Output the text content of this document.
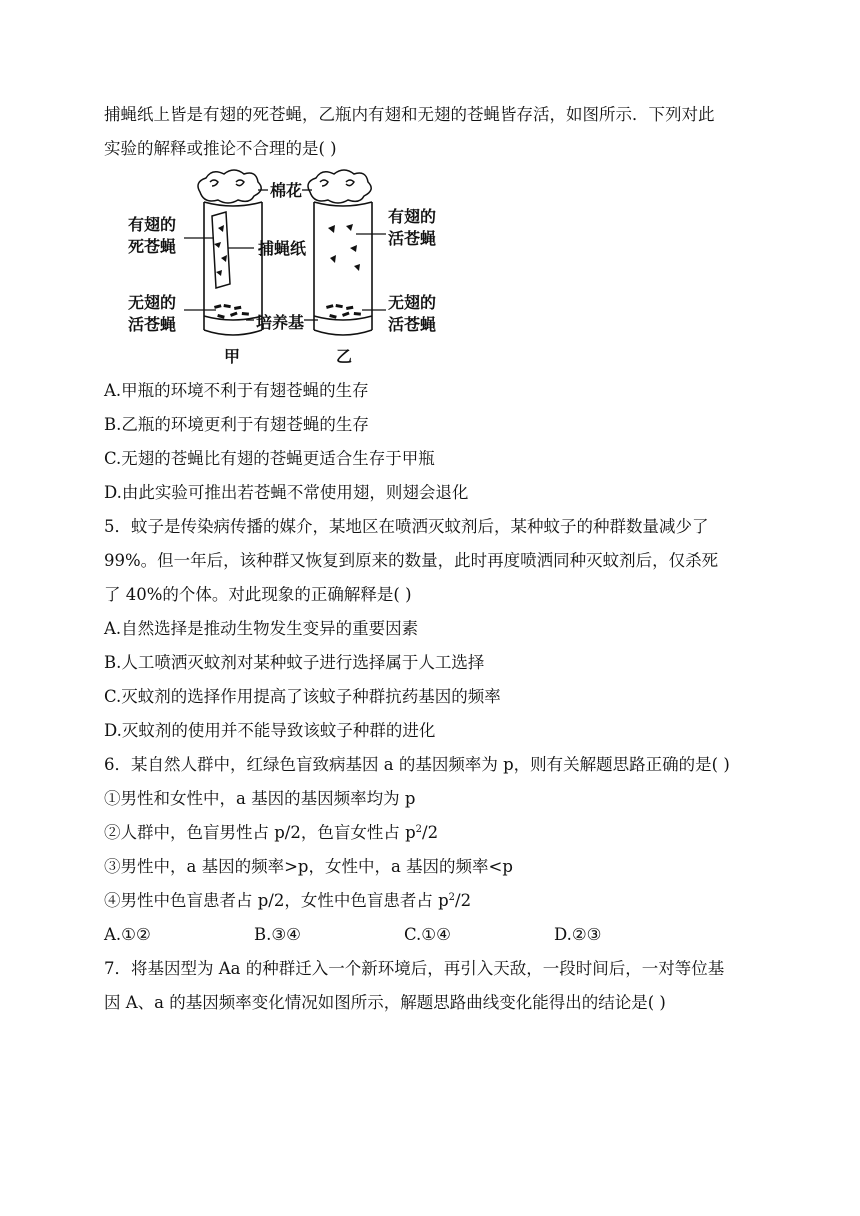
捕蝇纸上皆是有翅的死苍蝇，乙瓶内有翅和无翅的苍蝇皆存活，如图所示．下列对此
实验的解释或推论不合理的是( )
棉花
有翅的
死苍蝇	捕蝇纸
无翅的
活苍蝇	培养基
有翅的
活苍蝇
无翅的
活苍蝇
甲	乙
A.甲瓶的环境不利于有翅苍蝇的生存
B.乙瓶的环境更利于有翅苍蝇的生存
C.无翅的苍蝇比有翅的苍蝇更适合生存于甲瓶
D.由此实验可推出若苍蝇不常使用翅，则翅会退化
5．蚊子是传染病传播的媒介，某地区在喷洒灭蚊剂后，某种蚊子的种群数量减少了
99%。但一年后，该种群又恢复到原来的数量，此时再度喷洒同种灭蚊剂后，仅杀死
了 40%的个体。对此现象的正确解释是( )
A.自然选择是推动生物发生变异的重要因素
B.人工喷洒灭蚊剂对某种蚊子进行选择属于人工选择
C.灭蚊剂的选择作用提高了该蚊子种群抗药基因的频率
D.灭蚊剂的使用并不能导致该蚊子种群的进化
6．某自然人群中，红绿色盲致病基因 a 的基因频率为 p，则有关解题思路正确的是( )
①男性和女性中，a 基因的基因频率均为 p
②人群中，色盲男性占 p/2，色盲女性占 $p^2/2$
③男性中，a 基因的频率>p，女性中，a 基因的频率<p
④男性中色盲患者占 p/2，女性中色盲患者占 $p^2/2$
A.①②	B.③④	C.①④	D.②③
7．将基因型为 Aa 的种群迁入一个新环境后，再引入天敌，一段时间后，一对等位基
因 A、a 的基因频率变化情况如图所示，解题思路曲线变化能得出的结论是( )
